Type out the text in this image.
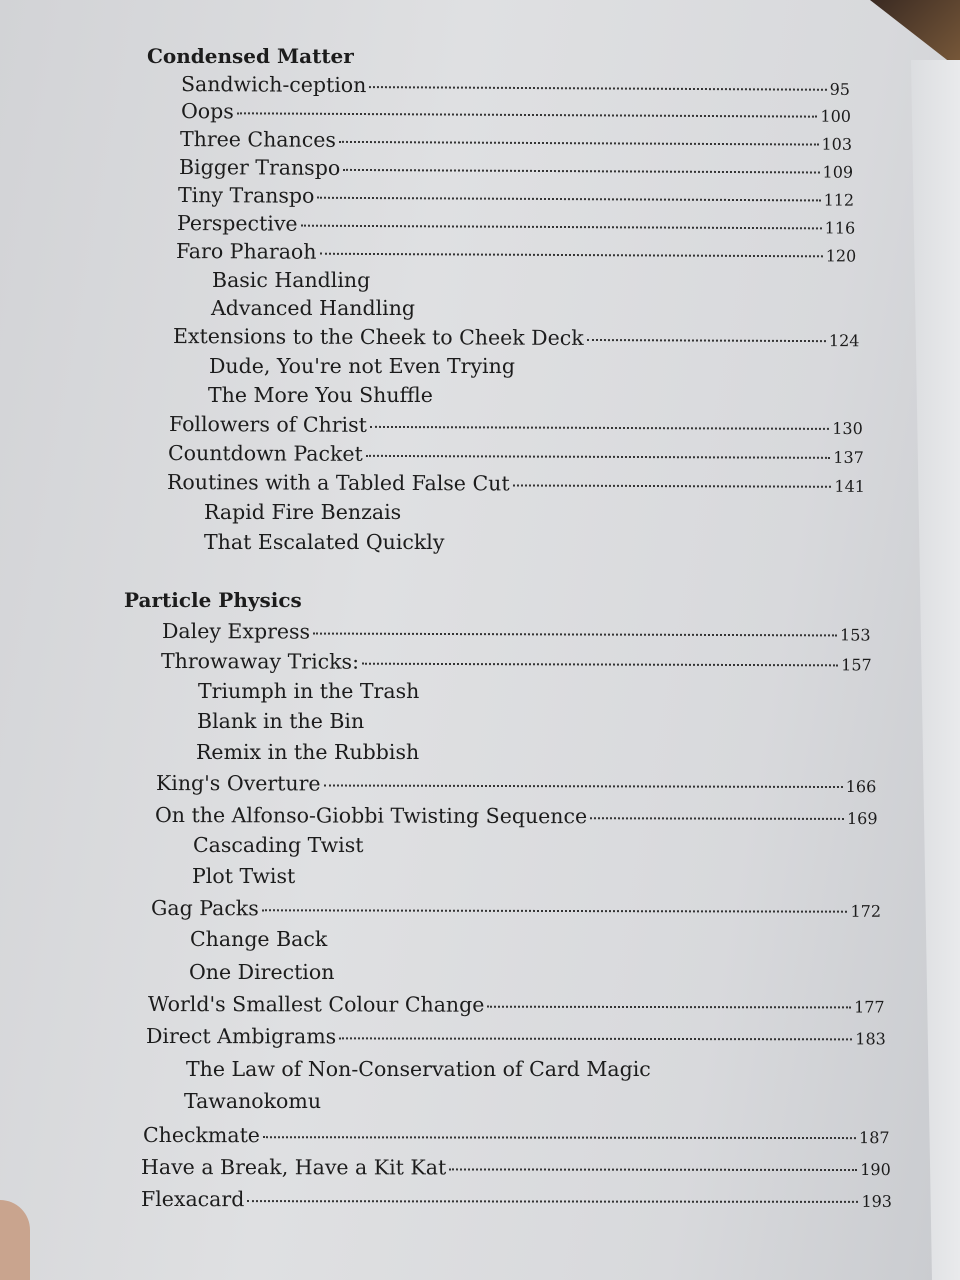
Condensed Matter
Sandwich-ception	95
Oops	100
Three Chances	103
Bigger Transpo	109
Tiny Transpo	112
Perspective	116
Faro Pharaoh	120
Basic Handling
Advanced Handling
Extensions to the Cheek to Cheek Deck	124
Dude, You're not Even Trying
The More You Shuffle
Followers of Christ	130
Countdown Packet	137
Routines with a Tabled False Cut	141
Rapid Fire Benzais
That Escalated Quickly
Particle Physics
Daley Express	153
Throwaway Tricks:	157
Triumph in the Trash
Blank in the Bin
Remix in the Rubbish
King's Overture	166
On the Alfonso-Giobbi Twisting Sequence	169
Cascading Twist
Plot Twist
Gag Packs	172
Change Back
One Direction
World's Smallest Colour Change	177
Direct Ambigrams	183
The Law of Non-Conservation of Card Magic
Tawanokomu
Checkmate	187
Have a Break, Have a Kit Kat	190
Flexacard	193
